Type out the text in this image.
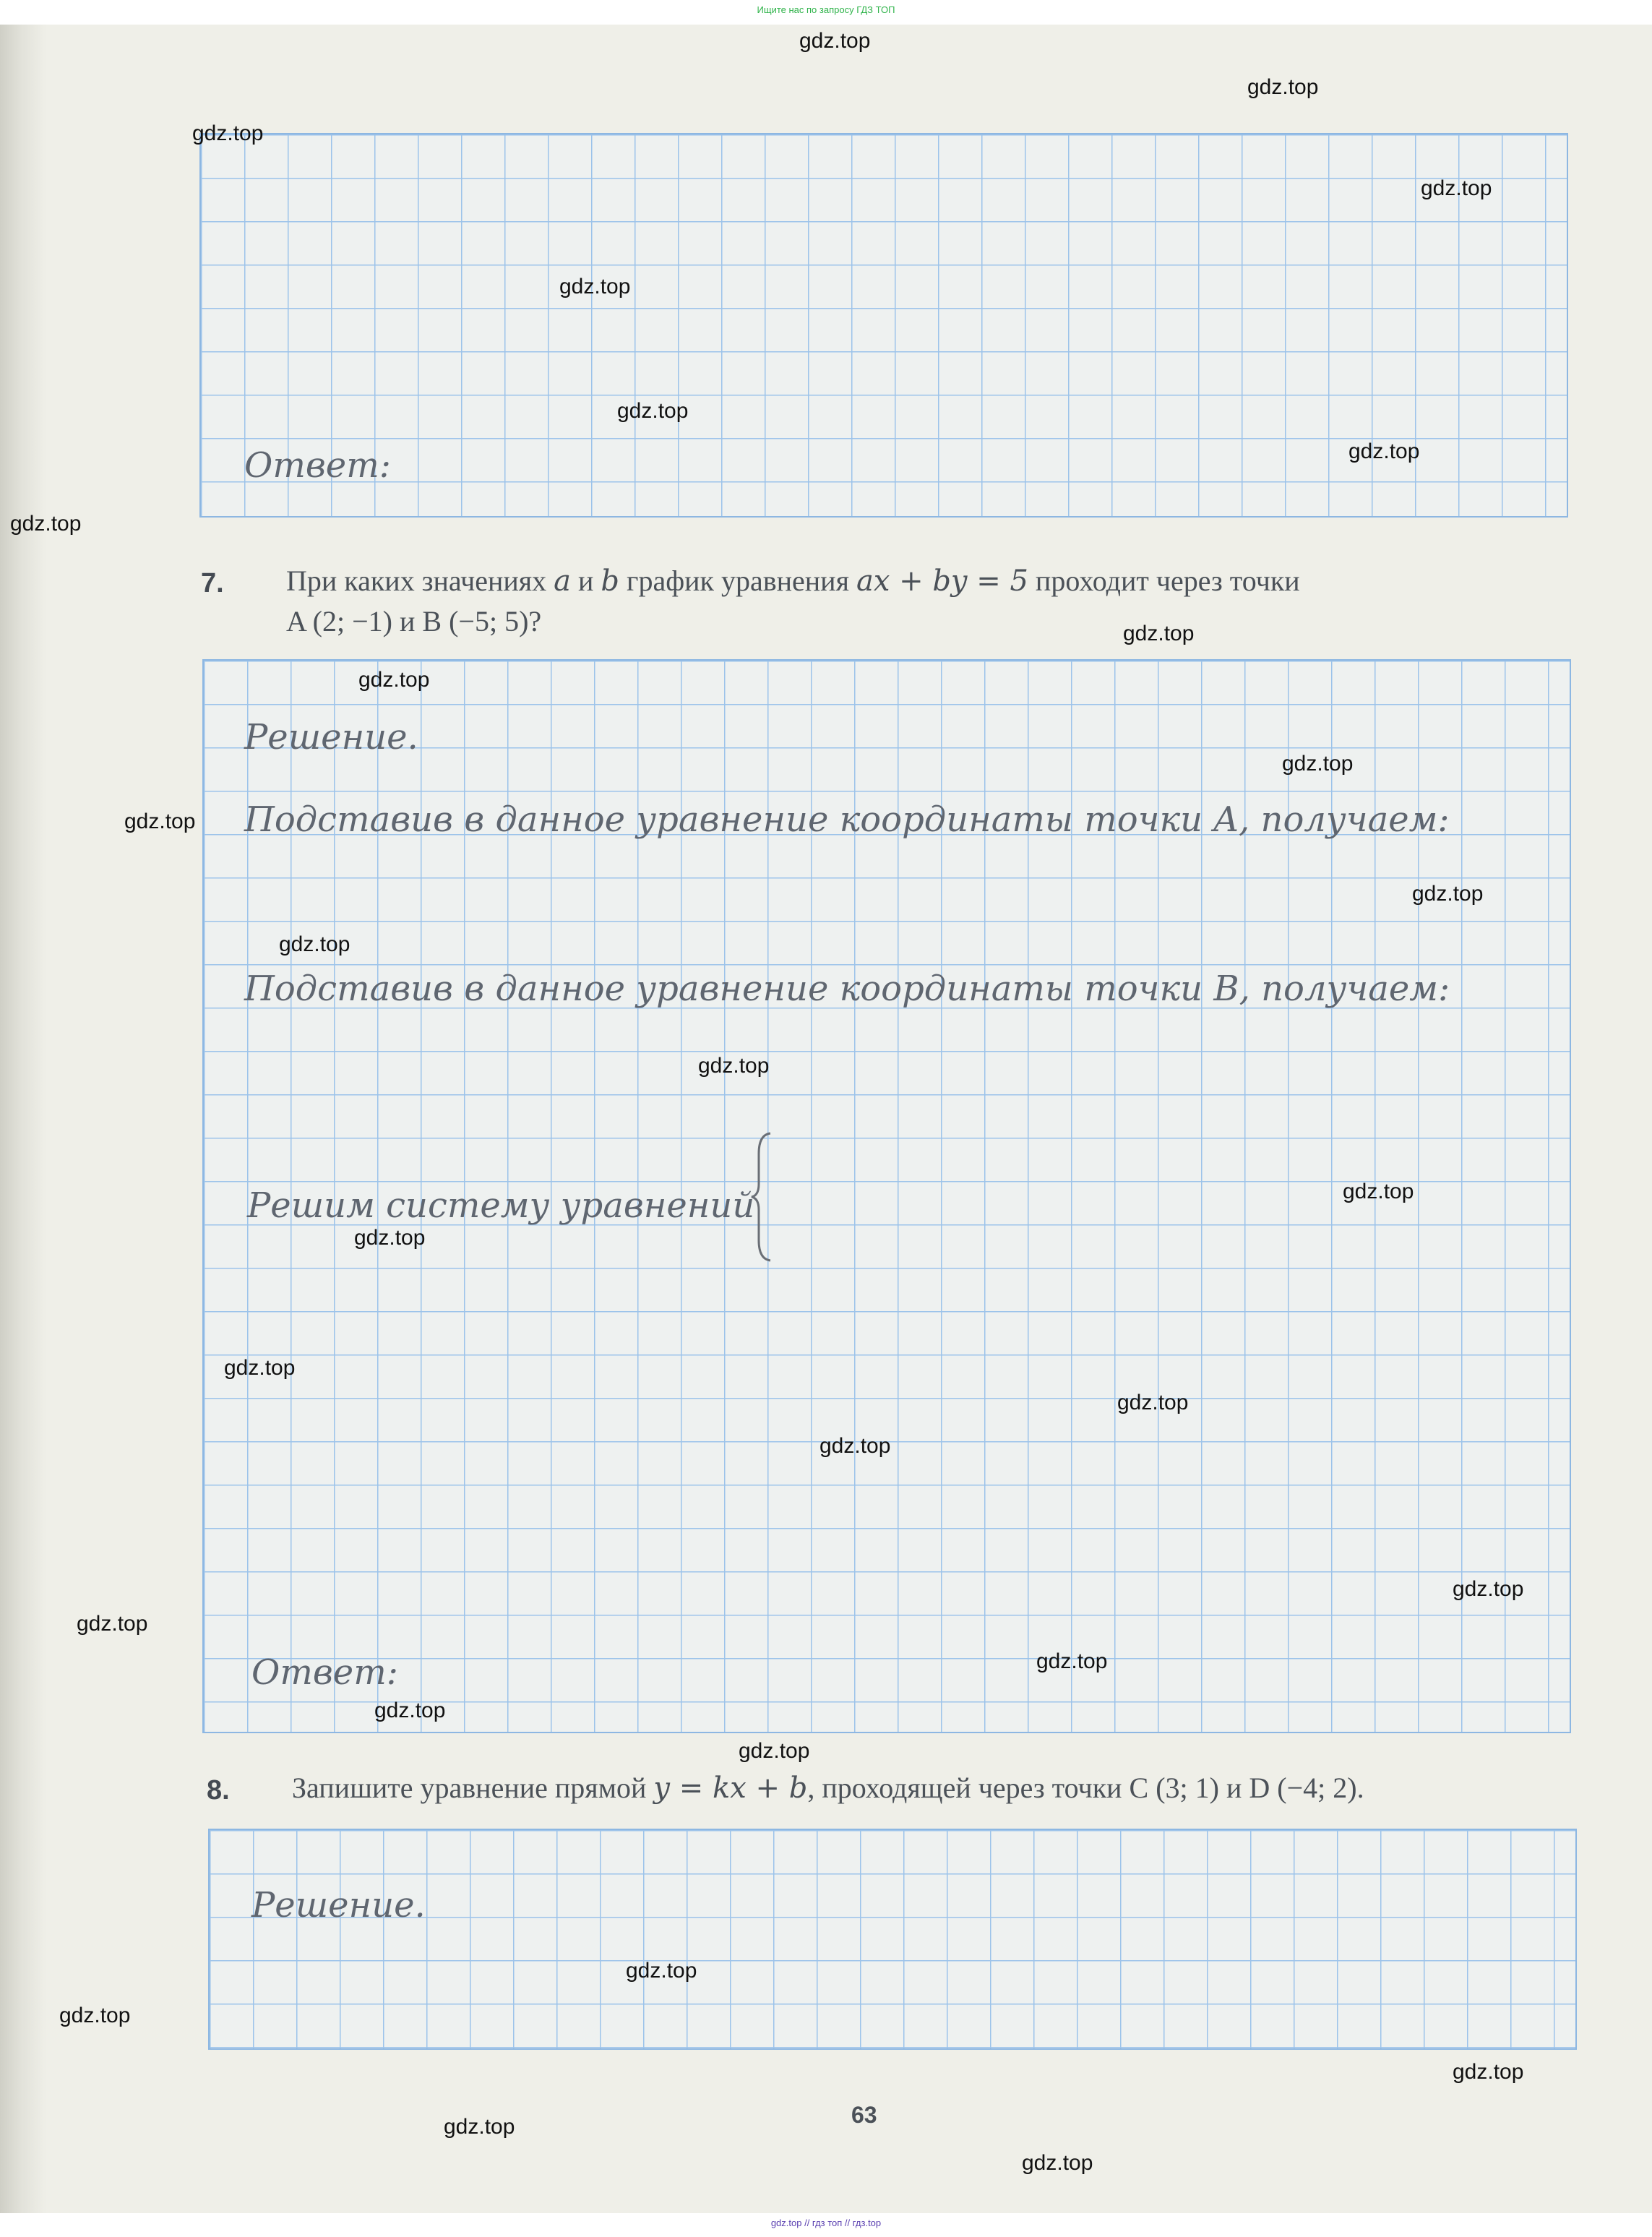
Ищите нас по запросу ГДЗ ТОП
Ответ:
7. При каких значениях a и b график уравнения ax + by = 5 проходит через точки
A (2; −1) и B (−5; 5)?
Решение.
Подставив в данное уравнение координаты точки A, получаем:
Подставив в данное уравнение координаты точки B, получаем:
Решим систему уравнений
Ответ:
8. Запишите уравнение прямой y = kx + b, проходящей через точки C (3; 1) и D (−4; 2).
Решение.
63
gdz.top
gdz.top
gdz.top
gdz.top
gdz.top
gdz.top
gdz.top
gdz.top
gdz.top
gdz.top
gdz.top
gdz.top
gdz.top
gdz.top
gdz.top
gdz.top
gdz.top
gdz.top
gdz.top
gdz.top
gdz.top
gdz.top
gdz.top
gdz.top
gdz.top
gdz.top
gdz.top
gdz.top
gdz.top
gdz.top
gdz.top // гдз топ // гдз.top
